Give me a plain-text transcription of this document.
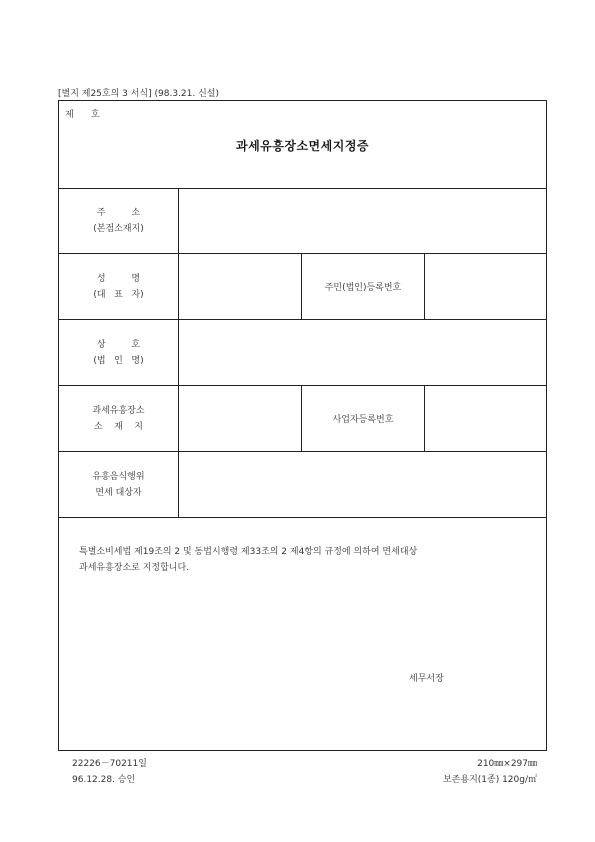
[별지 제25호의 3 서식] (98.3.21. 신설)
제      호
과세유흥장소면세지정증
주         소
(본점소재지)
성         명
(대   표   자)
주민(법인)등록번호
상         호
(법   인   명)
과세유흥장소
소    재    지
사업자등록번호
유흥음식행위
면세 대상자
특별소비세법 제19조의 2 및 동법시행령 제33조의 2 제4항의 규정에 의하여 면세대상
과세유흥장소로 지정합니다.
세무서장
22226－70211일
96.12.28. 승인
210㎜×297㎜
보존용지(1종) 120g/㎡
